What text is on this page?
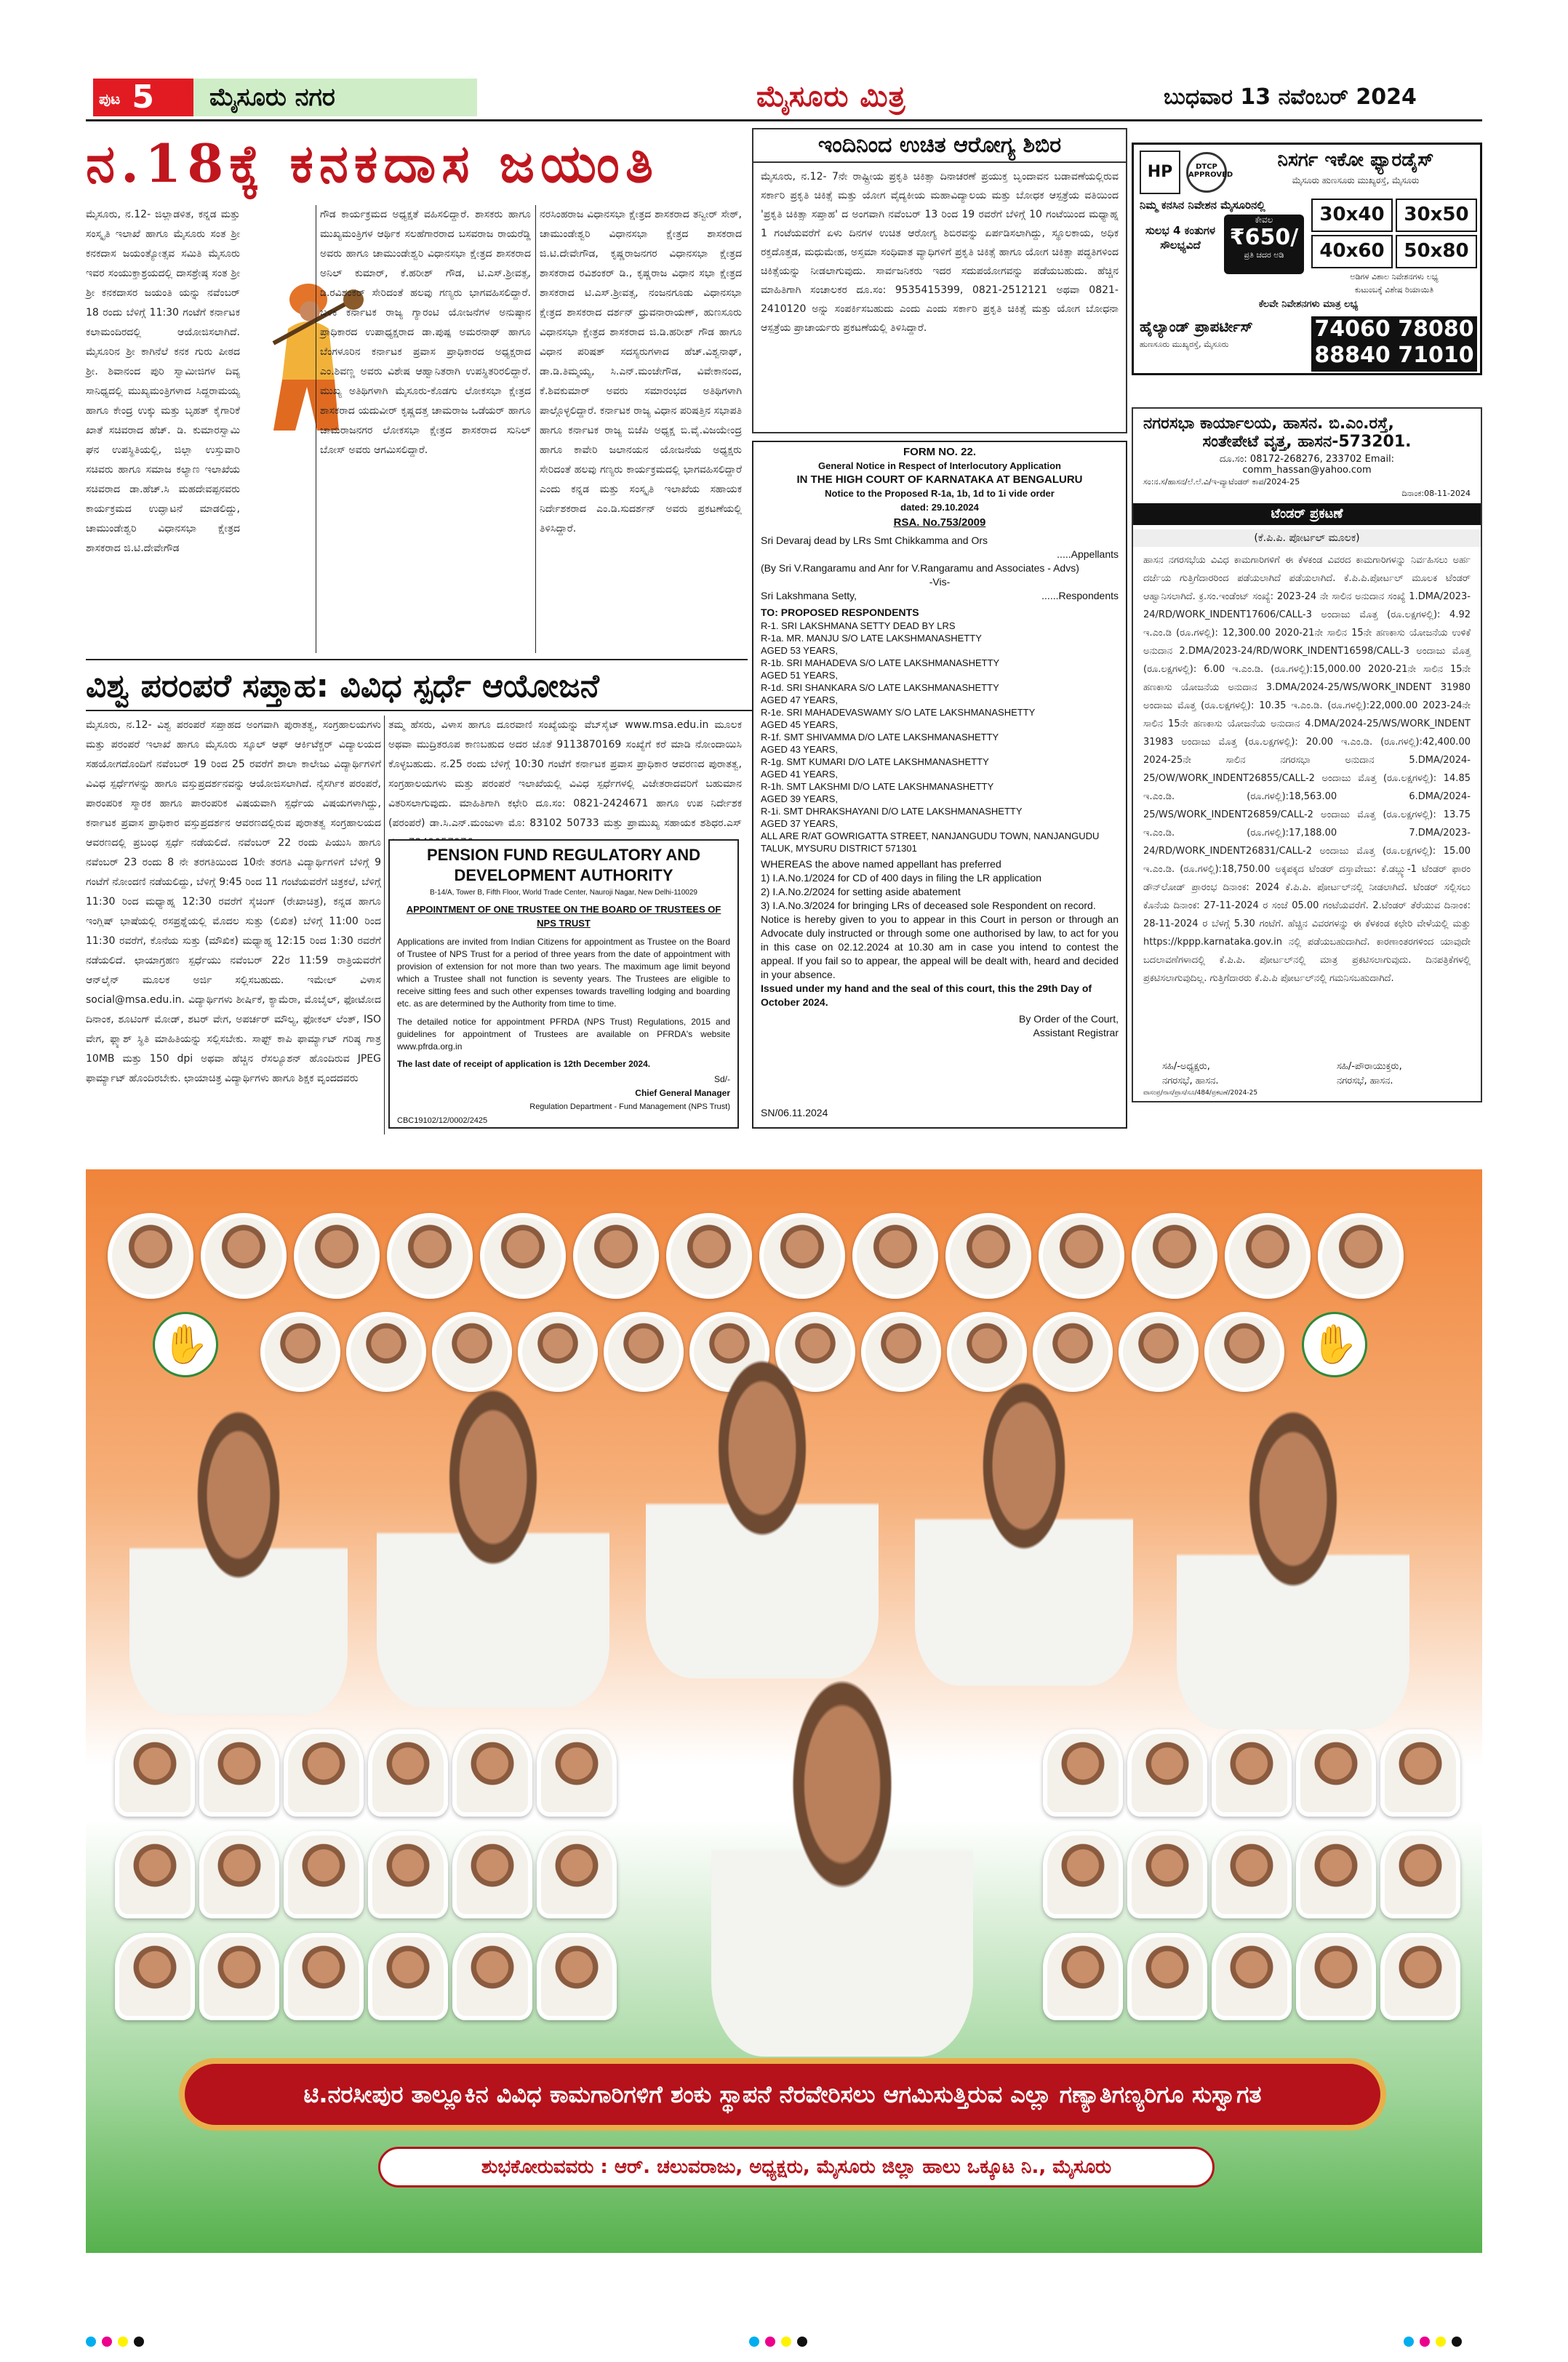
ಪುಟ 5	ಮೈಸೂರು ನಗರ	ಮೈಸೂರು ಮಿತ್ರ	ಬುಧವಾರ 13 ನವೆಂಬರ್ 2024
ನ.18ಕ್ಕೆ ಕನಕದಾಸ ಜಯಂತಿ
ಮೈಸೂರು, ನ.12- ಜಿಲ್ಲಾಡಳಿತ, ಕನ್ನಡ ಮತ್ತು ಸಂಸ್ಕೃತಿ ಇಲಾಖೆ ಹಾಗೂ ಮೈಸೂರು ಸಂತ ಶ್ರೀ ಕನಕದಾಸ ಜಯಂತ್ಯೋತ್ಸವ ಸಮಿತಿ ಮೈಸೂರು ಇವರ ಸಂಯುಕ್ತಾಶ್ರಯದಲ್ಲಿ ದಾಸಶ್ರೇಷ್ಠ ಸಂತ ಶ್ರೀ ಶ್ರೀ ಕನಕದಾಸರ ಜಯಂತಿ ಯನ್ನು ನವೆಂಬರ್ 18 ರಂದು ಬೆಳಿಗ್ಗೆ 11:30 ಗಂಟೆಗೆ ಕರ್ನಾಟಕ ಕಲಾಮಂದಿರದಲ್ಲಿ ಆಯೋಜಿಸಲಾಗಿದೆ. ಮೈಸೂರಿನ ಶ್ರೀ ಕಾಗಿನೆಲೆ ಕನಕ ಗುರು ಪೀಠದ ಶ್ರೀ. ಶಿವಾನಂದ ಪುರಿ ಸ್ವಾಮೀಜಿಗಳ ದಿವ್ಯ ಸಾನಿಧ್ಯದಲ್ಲಿ ಮುಖ್ಯಮಂತ್ರಿಗಳಾದ ಸಿದ್ದರಾಮಯ್ಯ ಹಾಗೂ ಕೇಂದ್ರ ಉಕ್ಕು ಮತ್ತು ಬೃಹತ್ ಕೈಗಾರಿಕೆ ಖಾತೆ ಸಚಿವರಾದ ಹೆಚ್. ಡಿ. ಕುಮಾರಸ್ವಾಮಿ ಘನ ಉಪಸ್ಥಿತಿಯಲ್ಲಿ, ಜಿಲ್ಲಾ ಉಸ್ತುವಾರಿ ಸಚಿವರು ಹಾಗೂ ಸಮಾಜ ಕಲ್ಯಾಣ ಇಲಾಖೆಯ ಸಚಿವರಾದ ಡಾ.ಹೆಚ್.ಸಿ ಮಹದೇವಪ್ಪನವರು ಕಾರ್ಯಕ್ರಮದ ಉದ್ಘಾಟನೆ ಮಾಡಲಿದ್ದು, ಚಾಮುಂಡೇಶ್ವರಿ ವಿಧಾನಸಭಾ ಕ್ಷೇತ್ರದ ಶಾಸಕರಾದ ಜಿ.ಟಿ.ದೇವೇಗೌಡ
ಗೌಡ ಕಾರ್ಯಕ್ರಮದ ಅಧ್ಯಕ್ಷತೆ ವಹಿಸಲಿದ್ದಾರೆ. ಶಾಸಕರು ಹಾಗೂ ಮುಖ್ಯಮಂತ್ರಿಗಳ ಆರ್ಥಿಕ ಸಲಹೆಗಾರರಾದ ಬಸವರಾಜ ರಾಯರೆಡ್ಡಿ ಅವರು ಹಾಗೂ ಚಾಮುಂಡೇಶ್ವರಿ ವಿಧಾನಸಭಾ ಕ್ಷೇತ್ರದ ಶಾಸಕರಾದ ಅನಿಲ್ ಕುಮಾರ್, ಕೆ.ಹರೀಶ್ ಗೌಡ, ಟಿ.ಎಸ್.ಶ್ರೀವತ್ಸ, ಡಿ.ರವಿಶಂಕರ್ ಸೇರಿದಂತೆ ಹಲವು ಗಣ್ಯರು ಭಾಗವಹಿಸಲಿದ್ದಾರೆ. ಬಳಿಕ ಕರ್ನಾಟಕ ರಾಜ್ಯ ಗ್ಯಾರಂಟಿ ಯೋಜನೆಗಳ ಅನುಷ್ಠಾನ ಪ್ರಾಧಿಕಾರದ ಉಪಾಧ್ಯಕ್ಷರಾದ ಡಾ.ಪುಷ್ಪ ಅಮರನಾಥ್ ಹಾಗೂ ಬೆಂಗಳೂರಿನ ಕರ್ನಾಟಕ ಪ್ರವಾಸ ಪ್ರಾಧಿಕಾರದ ಅಧ್ಯಕ್ಷರಾದ ಎಂ.ಶಿವಣ್ಣ ಅವರು ವಿಶೇಷ ಆಹ್ವಾನಿತರಾಗಿ ಉಪಸ್ಥಿತರಿರಲಿದ್ದಾರೆ. ಮುಖ್ಯ ಅತಿಥಿಗಳಾಗಿ ಮೈಸೂರು-ಕೊಡಗು ಲೋಕಸಭಾ ಕ್ಷೇತ್ರದ ಶಾಸಕರಾದ ಯದುವೀರ್ ಕೃಷ್ಣದತ್ತ ಚಾಮರಾಜ ಒಡೆಯರ್ ಹಾಗೂ ಚಾಮರಾಜನಗರ ಲೋಕಸಭಾ ಕ್ಷೇತ್ರದ ಶಾಸಕರಾದ ಸುನಿಲ್ ಬೋಸ್ ಅವರು ಆಗಮಿಸಲಿದ್ದಾರೆ.
ನರಸಿಂಹರಾಜ ವಿಧಾನಸಭಾ ಕ್ಷೇತ್ರದ ಶಾಸಕರಾದ ತನ್ವೀರ್ ಸೇಠ್, ಚಾಮುಂಡೇಶ್ವರಿ ವಿಧಾನಸಭಾ ಕ್ಷೇತ್ರದ ಶಾಸಕರಾದ ಜಿ.ಟಿ.ದೇವೇಗೌಡ, ಕೃಷ್ಣರಾಜನಗರ ವಿಧಾನಸಭಾ ಕ್ಷೇತ್ರದ ಶಾಸಕರಾದ ರವಿಶಂಕರ್ ಡಿ., ಕೃಷ್ಣರಾಜ ವಿಧಾನ ಸಭಾ ಕ್ಷೇತ್ರದ ಶಾಸಕರಾದ ಟಿ.ಎಸ್.ಶ್ರೀವತ್ಸ, ನಂಜನಗೂಡು ವಿಧಾನಸಭಾ ಕ್ಷೇತ್ರದ ಶಾಸಕರಾದ ದರ್ಶನ್ ಧ್ರುವನಾರಾಯಣ್, ಹುಣಸೂರು ವಿಧಾನಸಭಾ ಕ್ಷೇತ್ರದ ಶಾಸಕರಾದ ಜಿ.ಡಿ.ಹರೀಶ್ ಗೌಡ ಹಾಗೂ ವಿಧಾನ ಪರಿಷತ್ ಸದಸ್ಯರುಗಳಾದ ಹೆಚ್.ವಿಶ್ವನಾಥ್, ಡಾ.ಡಿ.ತಿಮ್ಮಯ್ಯ, ಸಿ.ಎನ್.ಮಂಜೇಗೌಡ, ವಿವೇಕಾನಂದ, ಕೆ.ಶಿವಕುಮಾರ್ ಅವರು ಸಮಾರಂಭದ ಅತಿಥಿಗಳಾಗಿ ಪಾಲ್ಗೊಳ್ಳಲಿದ್ದಾರೆ. ಕರ್ನಾಟಕ ರಾಜ್ಯ ವಿಧಾನ ಪರಿಷತ್ತಿನ ಸಭಾಪತಿ ಹಾಗೂ ಕರ್ನಾಟಕ ರಾಜ್ಯ ಬಿಜೆಪಿ ಅಧ್ಯಕ್ಷ ಬಿ.ವೈ.ವಿಜಯೇಂದ್ರ ಹಾಗೂ ಕಾವೇರಿ ಜಲಾನಯನ ಯೋಜನೆಯ ಅಧ್ಯಕ್ಷರು ಸೇರಿದಂತೆ ಹಲವು ಗಣ್ಯರು ಕಾರ್ಯಕ್ರಮದಲ್ಲಿ ಭಾಗವಹಿಸಲಿದ್ದಾರೆ ಎಂದು ಕನ್ನಡ ಮತ್ತು ಸಂಸ್ಕೃತಿ ಇಲಾಖೆಯ ಸಹಾಯಕ ನಿರ್ದೇಶಕರಾದ ಎಂ.ಡಿ.ಸುದರ್ಶನ್ ಅವರು ಪ್ರಕಟಣೆಯಲ್ಲಿ ತಿಳಿಸಿದ್ದಾರೆ.
ಇಂದಿನಿಂದ ಉಚಿತ ಆರೋಗ್ಯ ಶಿಬಿರ
ಮೈಸೂರು, ನ.12- 7ನೇ ರಾಷ್ಟ್ರೀಯ ಪ್ರಕೃತಿ ಚಿಕಿತ್ಸಾ ದಿನಾಚರಣೆ ಪ್ರಯುಕ್ತ ಬೃಂದಾವನ ಬಡಾವಣೆಯಲ್ಲಿರುವ ಸರ್ಕಾರಿ ಪ್ರಕೃತಿ ಚಿಕಿತ್ಸೆ ಮತ್ತು ಯೋಗ ವೈದ್ಯಕೀಯ ಮಹಾವಿದ್ಯಾಲಯ ಮತ್ತು ಬೋಧಕ ಆಸ್ಪತ್ರೆಯ ವತಿಯಿಂದ 'ಪ್ರಕೃತಿ ಚಿಕಿತ್ಸಾ ಸಪ್ತಾಹ' ದ ಅಂಗವಾಗಿ ನವೆಂಬರ್ 13 ರಿಂದ 19 ರವರೆಗೆ ಬೆಳಿಗ್ಗೆ 10 ಗಂಟೆಯಿಂದ ಮಧ್ಯಾಹ್ನ 1 ಗಂಟೆಯವರೆಗೆ ಏಳು ದಿನಗಳ ಉಚಿತ ಆರೋಗ್ಯ ಶಿಬಿರವನ್ನು ಏರ್ಪಡಿಸಲಾಗಿದ್ದು, ಸ್ಥೂಲಕಾಯ, ಅಧಿಕ ರಕ್ತದೊತ್ತಡ, ಮಧುಮೇಹ, ಅಸ್ತಮಾ ಸಂಧಿವಾತ ವ್ಯಾಧಿಗಳಿಗೆ ಪ್ರಕೃತಿ ಚಿಕಿತ್ಸೆ ಹಾಗೂ ಯೋಗ ಚಿಕಿತ್ಸಾ ಪದ್ಧತಿಗಳಿಂದ ಚಿಕಿತ್ಸೆಯನ್ನು ನೀಡಲಾಗುವುದು. ಸಾರ್ವಜನಿಕರು ಇದರ ಸದುಪಯೋಗವನ್ನು ಪಡೆಯಬಹುದು. ಹೆಚ್ಚಿನ ಮಾಹಿತಿಗಾಗಿ ಸಂಚಾಲಕರ ದೂ.ಸಂ: 9535415399, 0821-2512121 ಅಥವಾ 0821-2410120 ಅನ್ನು ಸಂಪರ್ಕಿಸಬಹುದು ಎಂದು ಎಂದು ಸರ್ಕಾರಿ ಪ್ರಕೃತಿ ಚಿಕಿತ್ಸೆ ಮತ್ತು ಯೋಗ ಬೋಧನಾ ಆಸ್ಪತ್ರೆಯ ಪ್ರಾಚಾರ್ಯರು ಪ್ರಕಟಣೆಯಲ್ಲಿ ತಿಳಿಸಿದ್ದಾರೆ.
HP	DTCP APPROVED
ನಿಸರ್ಗ ಇಕೋ ಫ್ಯಾರಡೈಸ್
ಮೈಸೂರು ಹುಣಸೂರು ಮುಖ್ಯರಸ್ತೆ, ಮೈಸೂರು
ನಿಮ್ಮ ಕನಸಿನ ನಿವೇಶನ ಮೈಸೂರಿನಲ್ಲಿ
ಸುಲಭ 4 ಕಂತುಗಳ ಸೌಲಭ್ಯವಿದೆ
ಕೇವಲ
₹650/
ಪ್ರತಿ ಚದರ ಅಡಿ
30x40	30x50
40x60	50x80
ಅಡಿಗಳ ವಿಶಾಲ ನಿವೇಶನಗಳು ಲಭ್ಯ
ಕುಟುಂಬಕ್ಕೆ ವಿಶೇಷ ರಿಯಾಯಿತಿ
ಕೆಲವೇ ನಿವೇಶನಗಳು ಮಾತ್ರ ಲಭ್ಯ
ಹೈಲ್ಯಾಂಡ್ ಪ್ರಾಪರ್ಟೀಸ್
ಹುಣಸೂರು ಮುಖ್ಯರಸ್ತೆ, ಮೈಸೂರು
74060 78080
88840 71010
ನಗರಸಭಾ ಕಾರ್ಯಾಲಯ, ಹಾಸನ. ಬಿ.ಎಂ.ರಸ್ತೆ,
ಸಂತೇಪೇಟೆ ವೃತ್ತ, ಹಾಸನ-573201.
ದೂ.ಸಂ: 08172-268276, 233702 Email:
comm_hassan@yahoo.com
ಸಂ:ನ.ಸ/ಹಾಸನ/ಲೆ.ಲೆ.ವಿ/ಇ-ವ್ಯಾಟೆಂಡರ್ ಕಾಪ/2024-25
ದಿನಾಂಕ:08-11-2024
ಟೆಂಡರ್ ಪ್ರಕಟಣೆ
(ಕೆ.ಪಿ.ಪಿ. ಪೋರ್ಟಲ್ ಮೂಲಕ)
ಹಾಸನ ನಗರಸಭೆಯ ವಿವಿಧ ಕಾಮಗಾರಿಗಳಿಗೆ ಈ ಕೆಳಕಂಡ ವಿವರದ ಕಾಮಗಾರಿಗಳನ್ನು ನಿರ್ವಹಿಸಲು ಅರ್ಹ ದರ್ಜೆಯ ಗುತ್ತಿಗೆದಾರರಿಂದ ಪಡೆಯಲಾಗಿದೆ ಪಡೆಯಲಾಗಿದೆ. ಕೆ.ಪಿ.ಪಿ.ಪೋರ್ಟಲ್ ಮೂಲಕ ಟೆಂಡರ್ ಆಹ್ವಾನಿಸಲಾಗಿದೆ. ಕ್ರ.ಸಂ.ಇಂಡೆಂಟ್ ಸಂಖ್ಯೆ: 2023-24 ನೇ ಸಾಲಿನ ಅನುದಾನ ಸಂಖ್ಯೆ 1.DMA/2023-24/RD/WORK_INDENT17606/CALL-3 ಅಂದಾಜು ಮೊತ್ತ (ರೂ.ಲಕ್ಷಗಳಲ್ಲಿ): 4.92 ಇ.ಎಂ.ಡಿ (ರೂ.ಗಳಲ್ಲಿ): 12,300.00 2020-21ನೇ ಸಾಲಿನ 15ನೇ ಹಣಕಾಸು ಯೋಜನೆಯ ಉಳಿಕೆ ಅನುದಾನ 2.DMA/2023-24/RD/WORK_INDENT16598/CALL-3 ಅಂದಾಜು ಮೊತ್ತ (ರೂ.ಲಕ್ಷಗಳಲ್ಲಿ): 6.00 ಇ.ಎಂ.ಡಿ. (ರೂ.ಗಳಲ್ಲಿ):15,000.00 2020-21ನೇ ಸಾಲಿನ 15ನೇ ಹಣಕಾಸು ಯೋಜನೆಯ ಅನುದಾನ 3.DMA/2024-25/WS/WORK_INDENT 31980 ಅಂದಾಜು ಮೊತ್ತ (ರೂ.ಲಕ್ಷಗಳಲ್ಲಿ): 10.35 ಇ.ಎಂ.ಡಿ. (ರೂ.ಗಳಲ್ಲಿ):22,000.00 2023-24ನೇ ಸಾಲಿನ 15ನೇ ಹಣಕಾಸು ಯೋಜನೆಯ ಅನುದಾನ 4.DMA/2024-25/WS/WORK_INDENT 31983 ಅಂದಾಜು ಮೊತ್ತ (ರೂ.ಲಕ್ಷಗಳಲ್ಲಿ): 20.00 ಇ.ಎಂ.ಡಿ. (ರೂ.ಗಳಲ್ಲಿ):42,400.00 2024-25ನೇ ಸಾಲಿನ ನಗರಸಭಾ ಅನುದಾನ 5.DMA/2024-25/OW/WORK_INDENT26855/CALL-2 ಅಂದಾಜು ಮೊತ್ತ (ರೂ.ಲಕ್ಷಗಳಲ್ಲಿ): 14.85 ಇ.ಎಂ.ಡಿ. (ರೂ.ಗಳಲ್ಲಿ):18,563.00 6.DMA/2024-25/WS/WORK_INDENT26859/CALL-2 ಅಂದಾಜು ಮೊತ್ತ (ರೂ.ಲಕ್ಷಗಳಲ್ಲಿ): 13.75 ಇ.ಎಂ.ಡಿ. (ರೂ.ಗಳಲ್ಲಿ):17,188.00 7.DMA/2023-24/RD/WORK_INDENT26831/CALL-2 ಅಂದಾಜು ಮೊತ್ತ (ರೂ.ಲಕ್ಷಗಳಲ್ಲಿ): 15.00 ಇ.ಎಂ.ಡಿ. (ರೂ.ಗಳಲ್ಲಿ):18,750.00 ಅಕ್ಕಪಕ್ಕದ ಟೆಂಡರ್ ದಸ್ತಾವೇಜು: ಕೆ.ಡಬ್ಲ್ಯು-1 ಟೆಂಡರ್ ಫಾರಂ ಡೌನ್‌ಲೋಡ್ ಪ್ರಾರಂಭ ದಿನಾಂಕ: 2024 ಕೆ.ಪಿ.ಪಿ. ಪೋರ್ಟಲ್‌ನಲ್ಲಿ ನೀಡಲಾಗಿದೆ. ಟೆಂಡರ್ ಸಲ್ಲಿಸಲು ಕೊನೆಯ ದಿನಾಂಕ: 27-11-2024 ರ ಸಂಜೆ 05.00 ಗಂಟೆಯವರೆಗೆ. 2.ಟೆಂಡರ್ ತೆರೆಯುವ ದಿನಾಂಕ: 28-11-2024 ರ ಬೆಳಗ್ಗೆ 5.30 ಗಂಟೆಗೆ. ಹೆಚ್ಚಿನ ವಿವರಗಳನ್ನು ಈ ಕೆಳಕಂಡ ಕಛೇರಿ ವೇಳೆಯಲ್ಲಿ ಮತ್ತು https://kppp.karnataka.gov.in ನಲ್ಲಿ ಪಡೆಯಬಹುದಾಗಿದೆ. ಕಾರಣಾಂತರಗಳಿಂದ ಯಾವುದೇ ಬದಲಾವಣೆಗಳಾದಲ್ಲಿ ಕೆ.ಪಿ.ಪಿ. ಪೋರ್ಟಲ್‌ನಲ್ಲಿ ಮಾತ್ರ ಪ್ರಕಟಿಸಲಾಗುವುದು. ದಿನಪತ್ರಿಕೆಗಳಲ್ಲಿ ಪ್ರಕಟಿಸಲಾಗುವುದಿಲ್ಲ. ಗುತ್ತಿಗೆದಾರರು ಕೆ.ಪಿ.ಪಿ ಪೋರ್ಟಲ್‌ನಲ್ಲಿ ಗಮನಿಸಬಹುದಾಗಿದೆ.
ಸಹಿ/-ಅಧ್ಯಕ್ಷರು,
ನಗರಸಭೆ, ಹಾಸನ.
ಸಹಿ/-ಪೌರಾಯುಕ್ತರು,
ನಗರಸಭೆ, ಹಾಸನ.
ವಾಸಂಪ್ರ/ನಾಸ/ಪ್ರಾಸ/ಸೂ/484/ಪ್ರಕಟಣೆ/2024-25
ವಿಶ್ವ ಪರಂಪರೆ ಸಪ್ತಾಹ: ವಿವಿಧ ಸ್ಪರ್ಧೆ ಆಯೋಜನೆ
ಮೈಸೂರು, ನ.12- ವಿಶ್ವ ಪರಂಪರೆ ಸಪ್ತಾಹದ ಅಂಗವಾಗಿ ಪುರಾತತ್ವ, ಸಂಗ್ರಹಾಲಯಗಳು ಮತ್ತು ಪರಂಪರೆ ಇಲಾಖೆ ಹಾಗೂ ಮೈಸೂರು ಸ್ಕೂಲ್ ಆಫ್ ಆರ್ಕಿಟೆಕ್ಚರ್ ವಿದ್ಯಾಲಯದ ಸಹಯೋಗದೊಂದಿಗೆ ನವೆಂಬರ್ 19 ರಿಂದ 25 ರವರೆಗೆ ಶಾಲಾ ಕಾಲೇಜು ವಿದ್ಯಾರ್ಥಿಗಳಿಗೆ ವಿವಿಧ ಸ್ಪರ್ಧೆಗಳನ್ನು ಹಾಗೂ ವಸ್ತುಪ್ರದರ್ಶನವನ್ನು ಆಯೋಜಿಸಲಾಗಿದೆ. ನೈಸರ್ಗಿಕ ಪರಂಪರೆ, ಪಾರಂಪರಿಕ ಸ್ಮಾರಕ ಹಾಗೂ ಪಾರಂಪರಿಕ ವಿಷಯವಾಗಿ ಸ್ಪರ್ಧೆಯ ವಿಷಯಗಳಾಗಿದ್ದು, ಕರ್ನಾಟಕ ಪ್ರವಾಸ ಪ್ರಾಧಿಕಾರ ವಸ್ತುಪ್ರದರ್ಶನ ಆವರಣದಲ್ಲಿರುವ ಪುರಾತತ್ವ ಸಂಗ್ರಹಾಲಯದ ಆವರಣದಲ್ಲಿ ಪ್ರಬಂಧ ಸ್ಪರ್ಧೆ ನಡೆಯಲಿದೆ. ನವೆಂಬರ್ 22 ರಂದು ಪಿಯುಸಿ ಹಾಗೂ ನವೆಂಬರ್ 23 ರಂದು 8 ನೇ ತರಗತಿಯಿಂದ 10ನೇ ತರಗತಿ ವಿದ್ಯಾರ್ಥಿಗಳಿಗೆ ಬೆಳಿಗ್ಗೆ 9 ಗಂಟೆಗೆ ನೋಂದಣಿ ನಡೆಯಲಿದ್ದು, ಬೆಳಿಗ್ಗೆ 9:45 ರಿಂದ 11 ಗಂಟೆಯವರೆಗೆ ಚಿತ್ರಕಲೆ, ಬೆಳಿಗ್ಗೆ 11:30 ರಿಂದ ಮಧ್ಯಾಹ್ನ 12:30 ರವರೆಗೆ ಸ್ಕೆಚಿಂಗ್ (ರೇಖಾಚಿತ್ರ), ಕನ್ನಡ ಹಾಗೂ ಇಂಗ್ಲಿಷ್ ಭಾಷೆಯಲ್ಲಿ ರಸಪ್ರಶ್ನೆಯಲ್ಲಿ ಮೊದಲ ಸುತ್ತು (ಲಿಖಿತ) ಬೆಳಿಗ್ಗೆ 11:00 ರಿಂದ 11:30 ರವರೆಗೆ, ಕೊನೆಯ ಸುತ್ತು (ಮೌಖಿಕ) ಮಧ್ಯಾಹ್ನ 12:15 ರಿಂದ 1:30 ರವರೆಗೆ ನಡೆಯಲಿದೆ. ಛಾಯಾಗ್ರಹಣ ಸ್ಪರ್ಧೆಯು ನವೆಂಬರ್ 22ರ 11:59 ರಾತ್ರಿಯವರೆಗೆ ಆನ್‌ಲೈನ್ ಮೂಲಕ ಅರ್ಜಿ ಸಲ್ಲಿಸಬಹುದು. ಇಮೇಲ್ ವಿಳಾಸ social@msa.edu.in. ವಿದ್ಯಾರ್ಥಿಗಳು ಶೀರ್ಷಿಕೆ, ಕ್ಯಾಮೆರಾ, ಮೊಬೈಲ್, ಫೋಟೋದ ದಿನಾಂಕ, ಶೂಟಿಂಗ್ ಮೋಡ್, ಶಟರ್ ವೇಗ, ಅಪರ್ಚರ್ ಮೌಲ್ಯ, ಫೋಕಲ್ ಲೆಂತ್, ISO ವೇಗ, ಫ್ಲ್ಯಾಶ್ ಸ್ಥಿತಿ ಮಾಹಿತಿಯನ್ನು ಸಲ್ಲಿಸಬೇಕು. ಸಾಫ್ಟ್ ಕಾಪಿ ಫಾರ್ಮ್ಯಾಟ್ ಗರಿಷ್ಠ ಗಾತ್ರ 10MB ಮತ್ತು 150 dpi ಅಥವಾ ಹೆಚ್ಚಿನ ರೆಸಲ್ಯೂಶನ್ ಹೊಂದಿರುವ JPEG ಫಾರ್ಮ್ಯಾಟ್ ಹೊಂದಿರಬೇಕು. ಛಾಯಾಚಿತ್ರ ವಿದ್ಯಾರ್ಥಿಗಳು ಹಾಗೂ ಶಿಕ್ಷಕ ವೃಂದದವರು
ತಮ್ಮ ಹೆಸರು, ವಿಳಾಸ ಹಾಗೂ ದೂರವಾಣಿ ಸಂಖ್ಯೆಯನ್ನು ವೆಬ್‌ಸೈಟ್ www.msa.edu.in ಮೂಲಕ ಅಥವಾ ಮುದ್ರಿತರೂಪ ಕಾಣಬಹುದ ಅದರ ಜೊತೆ 9113870169 ಸಂಖ್ಯೆಗೆ ಕರೆ ಮಾಡಿ ನೋಂದಾಯಿಸಿ ಕೊಳ್ಳಬಹುದು. ನ.25 ರಂದು ಬೆಳಿಗ್ಗೆ 10:30 ಗಂಟೆಗೆ ಕರ್ನಾಟಕ ಪ್ರವಾಸ ಪ್ರಾಧಿಕಾರ ಆವರಣದ ಪುರಾತತ್ವ, ಸಂಗ್ರಹಾಲಯಗಳು ಮತ್ತು ಪರಂಪರೆ ಇಲಾಖೆಯಲ್ಲಿ ವಿವಿಧ ಸ್ಪರ್ಧೆಗಳಲ್ಲಿ ವಿಜೇತರಾದವರಿಗೆ ಬಹುಮಾನ ವಿತರಿಸಲಾಗುವುದು. ಮಾಹಿತಿಗಾಗಿ ಕಛೇರಿ ದೂ.ಸಂ: 0821-2424671 ಹಾಗೂ ಉಪ ನಿರ್ದೇಶಕ (ಪರಂಪರೆ) ಡಾ.ಸಿ.ಎನ್.ಮಂಜುಳಾ ಮೊ: 83102 50733 ಮತ್ತು ಪ್ರಾಮುಖ್ಯ ಸಹಾಯಕ ಶಶಿಧರ.ಎಸ್
PENSION FUND REGULATORY AND DEVELOPMENT AUTHORITY
B-14/A, Tower B, Fifth Floor, World Trade Center, Nauroji Nagar, New Delhi-110029
APPOINTMENT OF ONE TRUSTEE ON THE BOARD OF TRUSTEES OF NPS TRUST
Applications are invited from Indian Citizens for appointment as Trustee on the Board of Trustee of NPS Trust for a period of three years from the date of appointment with provision of extension for not more than two years. The maximum age limit beyond which a Trustee shall not function is seventy years. The Trustees are eligible to receive sitting fees and such other expenses towards travelling lodging and boarding etc. as are determined by the Authority from time to time.
The detailed notice for appointment PFRDA (NPS Trust) Regulations, 2015 and guidelines for appointment of Trustees are available on PFRDA's website www.pfrda.org.in
The last date of receipt of application is 12th December 2024.
Sd/-
Chief General Manager
Regulation Department - Fund Management (NPS Trust)
CBC19102/12/0002/2425
FORM NO. 22.
General Notice in Respect of Interlocutory Application
IN THE HIGH COURT OF KARNATAKA AT BENGALURU
Notice to the Proposed R-1a, 1b, 1d to 1i vide order
dated: 29.10.2024
RSA. No.753/2009
Sri Devaraj dead by LRs Smt Chikkamma and Ors
.....Appellants
(By Sri V.Rangaramu and Anr for V.Rangaramu and Associates - Advs)
-Vis-
Sri Lakshmana Setty,	......Respondents
TO: PROPOSED RESPONDENTS
R-1. SRI LAKSHMANA SETTY DEAD BY LRS
R-1a. MR. MANJU S/O LATE LAKSHMANASHETTY
AGED 53 YEARS,
R-1b. SRI MAHADEVA S/O LATE LAKSHMANASHETTY
AGED 51 YEARS,
R-1d. SRI SHANKARA S/O LATE LAKSHMANASHETTY
AGED 47 YEARS,
R-1e. SRI MAHADEVASWAMY S/O LATE LAKSHMANASHETTY
AGED 45 YEARS,
R-1f. SMT SHIVAMMA D/O LATE LAKSHMANASHETTY
AGED 43 YEARS,
R-1g. SMT KUMARI D/O LATE LAKSHMANASHETTY
AGED 41 YEARS,
R-1h. SMT LAKSHMI D/O LATE LAKSHMANASHETTY
AGED 39 YEARS,
R-1i. SMT DHRAKSHAYANI D/O LATE LAKSHMANASHETTY
AGED 37 YEARS,
ALL ARE R/AT GOWRIGATTA STREET, NANJANGUDU TOWN, NANJANGUDU TALUK, MYSURU DISTRICT 571301
WHEREAS the above named appellant has preferred
1) I.A.No.1/2024 for CD of 400 days in filing the LR application
2) I.A.No.2/2024 for setting aside abatement
3) I.A.No.3/2024 for bringing LRs of deceased sole Respondent on record.
Notice is hereby given to you to appear in this Court in person or through an Advocate duly instructed or through some one authorised by law, to act for you in this case on 02.12.2024 at 10.30 am in case you intend to contest the appeal. If you fail so to appear, the appeal will be dealt with, heard and decided in your absence.
Issued under my hand and the seal of this court, this the 29th Day of October 2024.
By Order of the Court,
Assistant Registrar
SN/06.11.2024
✋	✋
ಟಿ.ನರಸೀಪುರ ತಾಲ್ಲೂಕಿನ ವಿವಿಧ ಕಾಮಗಾರಿಗಳಿಗೆ ಶಂಕು ಸ್ಥಾಪನೆ ನೆರವೇರಿಸಲು ಆಗಮಿಸುತ್ತಿರುವ ಎಲ್ಲಾ ಗಣ್ಯಾತಿಗಣ್ಯರಿಗೂ ಸುಸ್ವಾಗತ
ಶುಭಕೋರುವವರು : ಆರ್. ಚಲುವರಾಜು, ಅಧ್ಯಕ್ಷರು, ಮೈಸೂರು ಜಿಲ್ಲಾ ಹಾಲು ಒಕ್ಕೂಟ ನಿ., ಮೈಸೂರು
